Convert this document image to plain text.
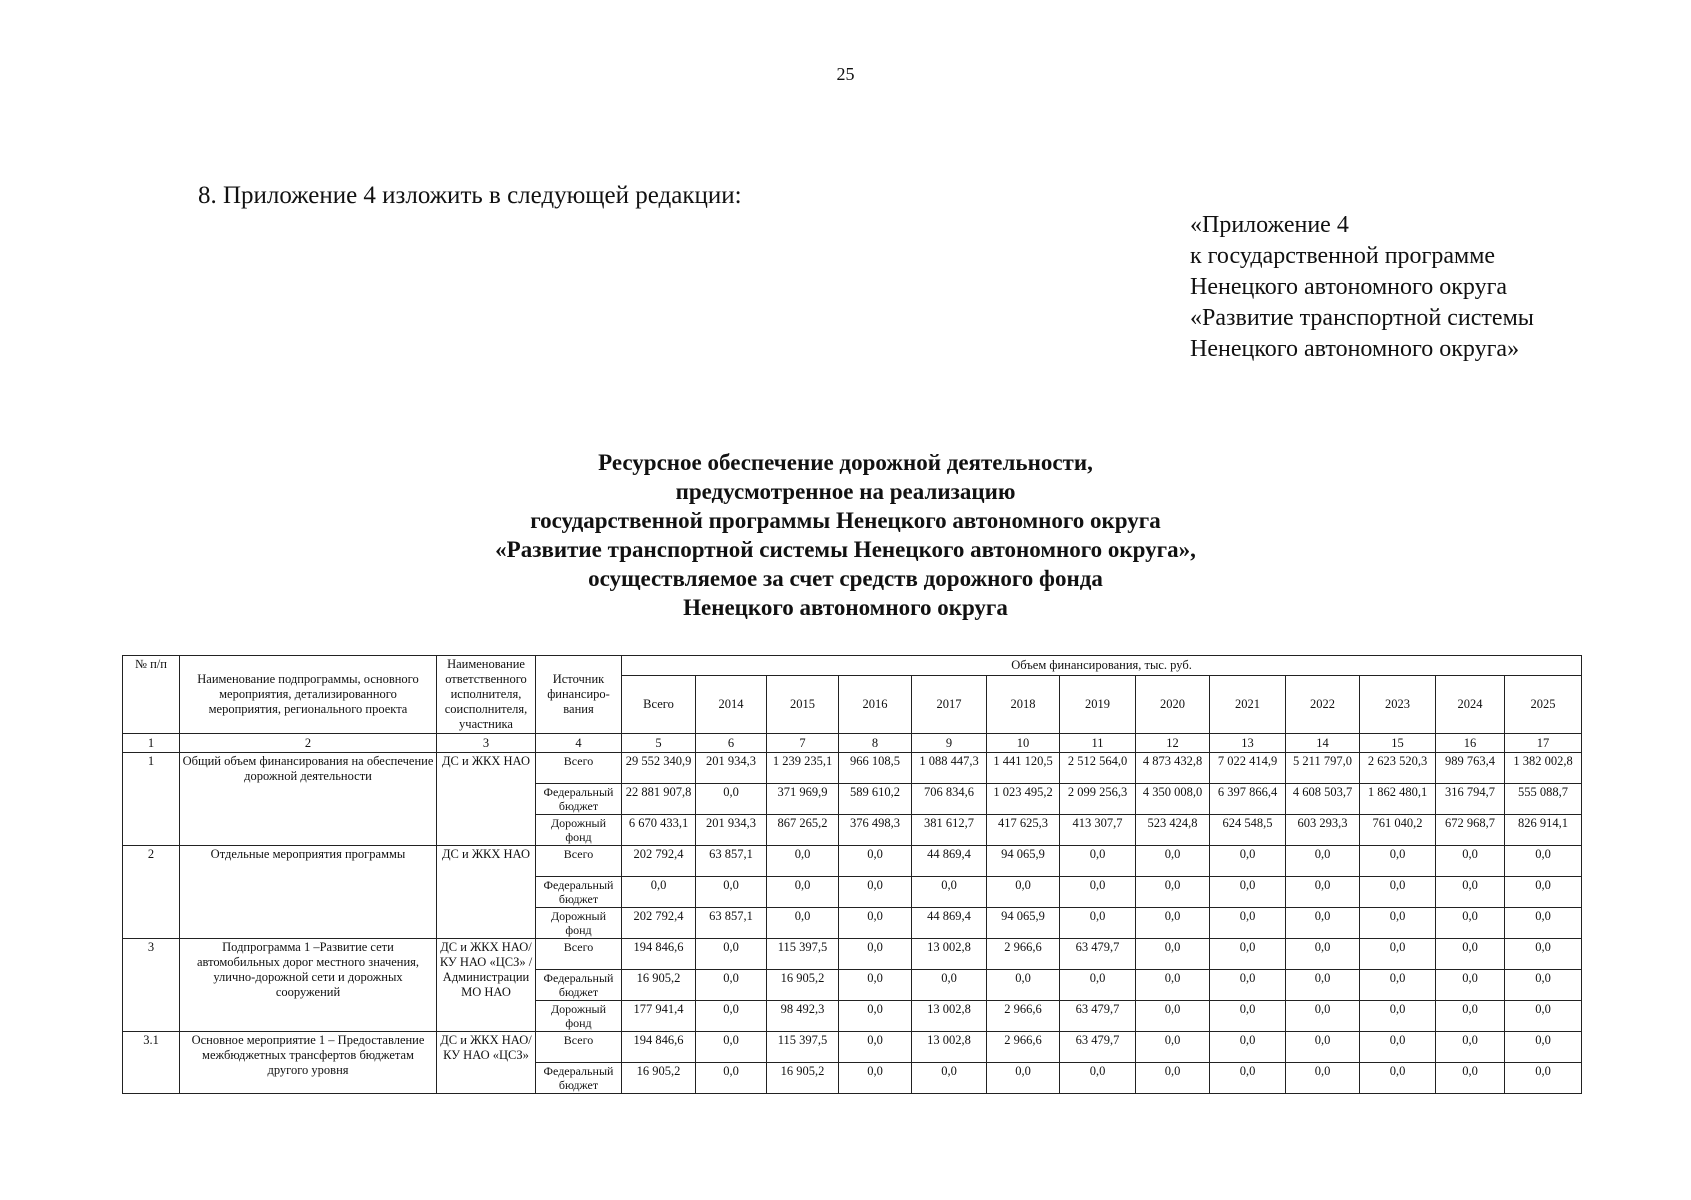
25
8. Приложение 4 изложить в следующей редакции:
«Приложение 4
к государственной программе
Ненецкого автономного округа
«Развитие транспортной системы
Ненецкого автономного округа»
Ресурсное обеспечение дорожной деятельности,
предусмотренное на реализацию
государственной программы Ненецкого автономного округа
«Развитие транспортной системы Ненецкого автономного округа»,
осуществляемое за счет средств дорожного фонда
Ненецкого автономного округа
№ п/п	Наименование подпрограммы, основного мероприятия, детализированного мероприятия, регионального проекта	Наименование ответственного исполнителя, соисполнителя, участника	Источник финансиро-вания	Объем финансирования, тыс. руб.												
				Всего	2014	2015	2016	2017	2018	2019	2020	2021	2022	2023	2024	2025
1	2	3	4	5	6	7	8	9	10	11	12	13	14	15	16	17
1	Общий объем финансирования на обеспечение дорожной деятельности	ДС и ЖКХ НАО	Всего	29 552 340,9	201 934,3	1 239 235,1	966 108,5	1 088 447,3	1 441 120,5	2 512 564,0	4 873 432,8	7 022 414,9	5 211 797,0	2 623 520,3	989 763,4	1 382 002,8
			Федеральный бюджет	22 881 907,8	0,0	371 969,9	589 610,2	706 834,6	1 023 495,2	2 099 256,3	4 350 008,0	6 397 866,4	4 608 503,7	1 862 480,1	316 794,7	555 088,7
			Дорожный фонд	6 670 433,1	201 934,3	867 265,2	376 498,3	381 612,7	417 625,3	413 307,7	523 424,8	624 548,5	603 293,3	761 040,2	672 968,7	826 914,1
2	Отдельные мероприятия программы	ДС и ЖКХ НАО	Всего	202 792,4	63 857,1	0,0	0,0	44 869,4	94 065,9	0,0	0,0	0,0	0,0	0,0	0,0	0,0
			Федеральный бюджет	0,0	0,0	0,0	0,0	0,0	0,0	0,0	0,0	0,0	0,0	0,0	0,0	0,0
			Дорожный фонд	202 792,4	63 857,1	0,0	0,0	44 869,4	94 065,9	0,0	0,0	0,0	0,0	0,0	0,0	0,0
3	Подпрограмма 1 –Развитие сети автомобильных дорог местного значения, улично-дорожной сети и дорожных сооружений	ДС и ЖКХ НАО/ КУ НАО «ЦСЗ» / Администрации МО НАО	Всего	194 846,6	0,0	115 397,5	0,0	13 002,8	2 966,6	63 479,7	0,0	0,0	0,0	0,0	0,0	0,0
			Федеральный бюджет	16 905,2	0,0	16 905,2	0,0	0,0	0,0	0,0	0,0	0,0	0,0	0,0	0,0	0,0
			Дорожный фонд	177 941,4	0,0	98 492,3	0,0	13 002,8	2 966,6	63 479,7	0,0	0,0	0,0	0,0	0,0	0,0
3.1	Основное мероприятие 1 – Предоставление межбюджетных трансфертов бюджетам другого уровня	ДС и ЖКХ НАО/ КУ НАО «ЦСЗ»	Всего	194 846,6	0,0	115 397,5	0,0	13 002,8	2 966,6	63 479,7	0,0	0,0	0,0	0,0	0,0	0,0
			Федеральный бюджет	16 905,2	0,0	16 905,2	0,0	0,0	0,0	0,0	0,0	0,0	0,0	0,0	0,0	0,0
